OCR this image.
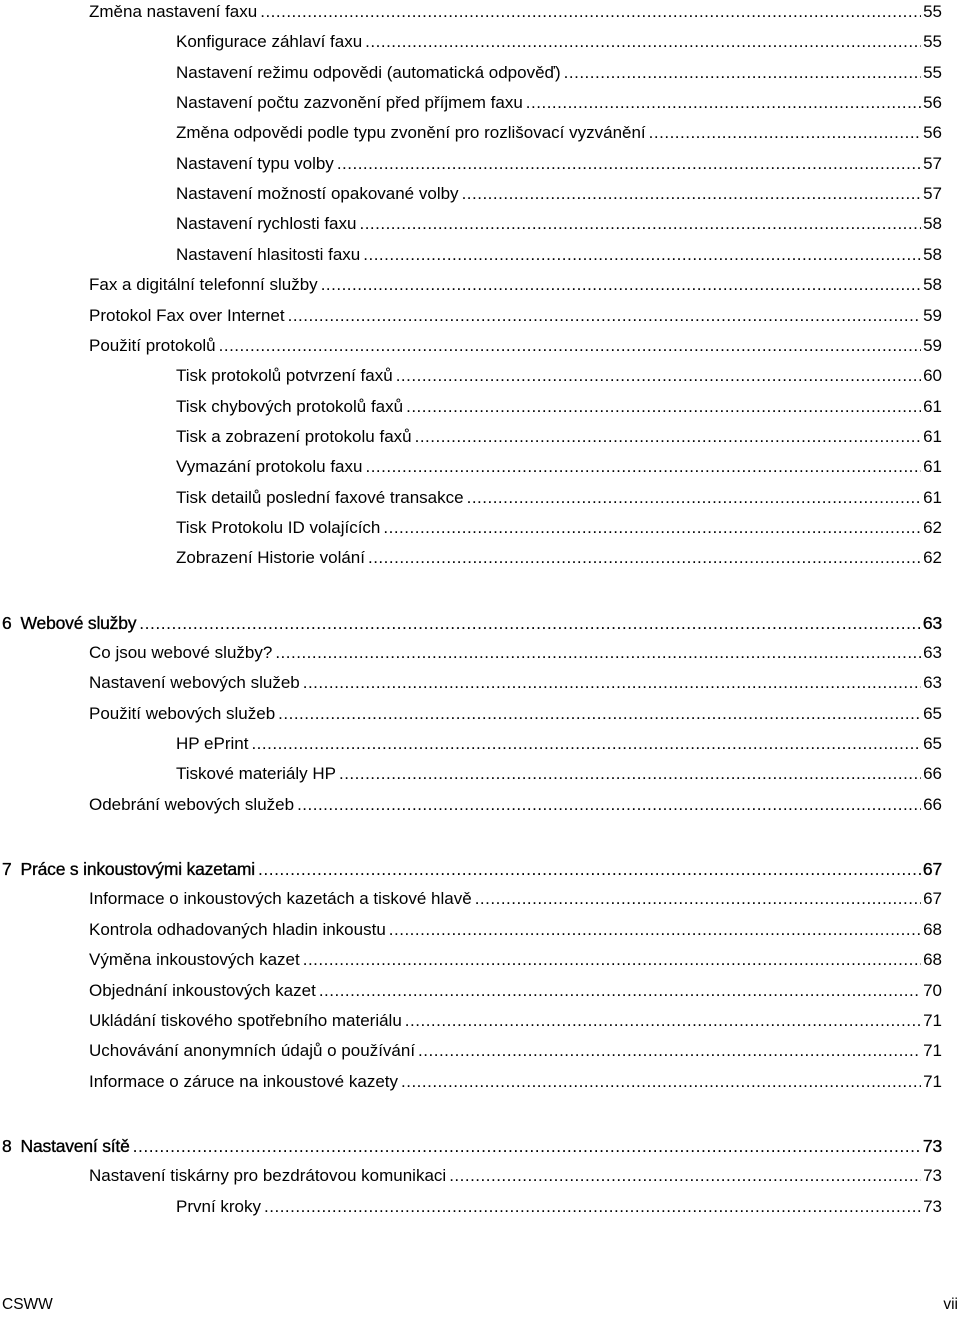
Změna nastavení faxu .....	55
Konfigurace záhlaví faxu .....	55
Nastavení režimu odpovědi (automatická odpověď) .....	55
Nastavení počtu zazvonění před příjmem faxu .....	56
Změna odpovědi podle typu zvonění pro rozlišovací vyzvánění .....	56
Nastavení typu volby .....	57
Nastavení možností opakované volby .....	57
Nastavení rychlosti faxu .....	58
Nastavení hlasitosti faxu .....	58
Fax a digitální telefonní služby .....	58
Protokol Fax over Internet .....	59
Použití protokolů .....	59
Tisk protokolů potvrzení faxů .....	60
Tisk chybových protokolů faxů .....	61
Tisk a zobrazení protokolu faxů .....	61
Vymazání protokolu faxu .....	61
Tisk detailů poslední faxové transakce .....	61
Tisk Protokolu ID volajících .....	62
Zobrazení Historie volání .....	62
6 Webové služby .....	63
Co jsou webové služby? .....	63
Nastavení webových služeb .....	63
Použití webových služeb .....	65
HP ePrint .....	65
Tiskové materiály HP .....	66
Odebrání webových služeb .....	66
7 Práce s inkoustovými kazetami .....	67
Informace o inkoustových kazetách a tiskové hlavě .....	67
Kontrola odhadovaných hladin inkoustu .....	68
Výměna inkoustových kazet .....	68
Objednání inkoustových kazet .....	70
Ukládání tiskového spotřebního materiálu .....	71
Uchovávání anonymních údajů o používání .....	71
Informace o záruce na inkoustové kazety .....	71
8 Nastavení sítě .....	73
Nastavení tiskárny pro bezdrátovou komunikaci .....	73
První kroky .....	73
CSWW	vii
